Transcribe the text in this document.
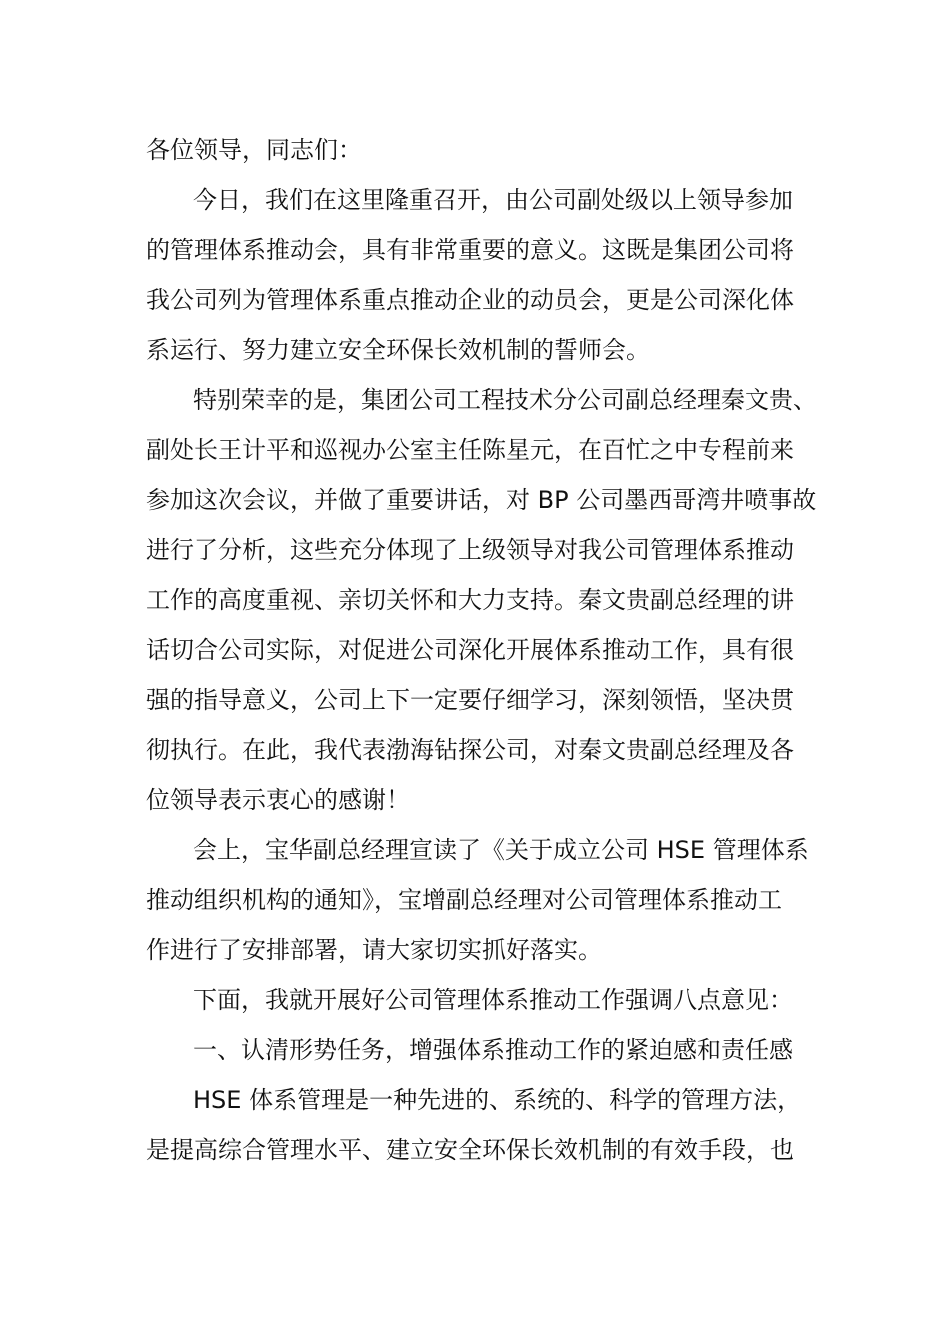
各位领导，同志们：

今日，我们在这里隆重召开，由公司副处级以上领导参加

的管理体系推动会，具有非常重要的意义。这既是集团公司将

我公司列为管理体系重点推动企业的动员会，更是公司深化体

系运行、努力建立安全环保长效机制的誓师会。

特别荣幸的是，集团公司工程技术分公司副总经理秦文贵、

副处长王计平和巡视办公室主任陈星元，在百忙之中专程前来

参加这次会议，并做了重要讲话，对 BP 公司墨西哥湾井喷事故

进行了分析，这些充分体现了上级领导对我公司管理体系推动

工作的高度重视、亲切关怀和大力支持。秦文贵副总经理的讲

话切合公司实际，对促进公司深化开展体系推动工作，具有很

强的指导意义，公司上下一定要仔细学习，深刻领悟，坚决贯

彻执行。在此，我代表渤海钻探公司，对秦文贵副总经理及各

位领导表示衷心的感谢！

会上，宝华副总经理宣读了《关于成立公司 HSE 管理体系

推动组织机构的通知》，宝增副总经理对公司管理体系推动工

作进行了安排部署，请大家切实抓好落实。

下面，我就开展好公司管理体系推动工作强调八点意见：

一、认清形势任务，增强体系推动工作的紧迫感和责任感

HSE 体系管理是一种先进的、系统的、科学的管理方法，

是提高综合管理水平、建立安全环保长效机制的有效手段，也
